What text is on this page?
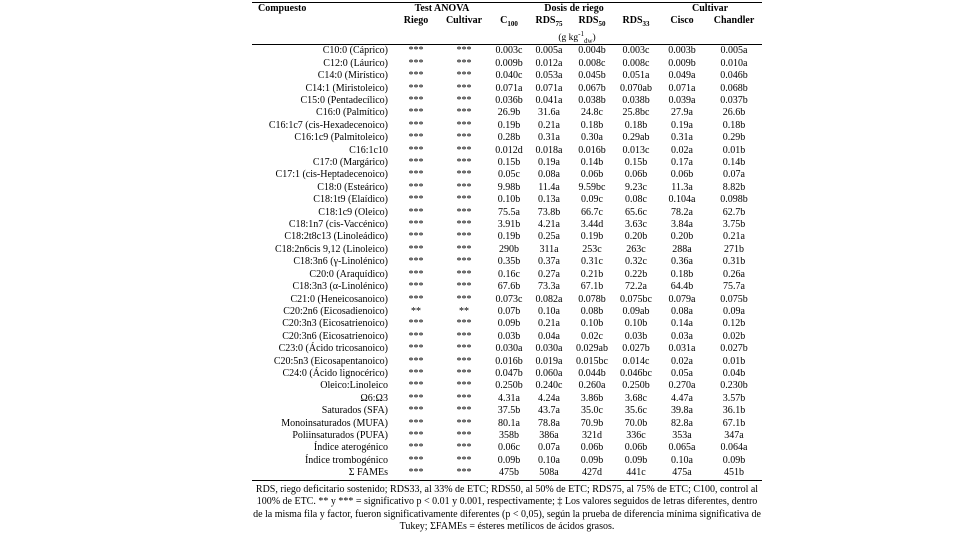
Compuesto	Test ANOVA		Dosis de riego				Cultivar	
	Riego	Cultivar	$C_{100}$	$RDS_{75}$	$RDS_{50}$	$RDS_{33}$	Cisco	Chandler
			(g $kg^{-1}_{dw}$)					
C10:0 (Cáprico)	***	***	0.003c	0.005a	0.004b	0.003c	0.003b	0.005a
C12:0 (Láurico)	***	***	0.009b	0.012a	0.008c	0.008c	0.009b	0.010a
C14:0 (Mirístico)	***	***	0.040c	0.053a	0.045b	0.051a	0.049a	0.046b
C14:1 (Miristoleico)	***	***	0.071a	0.071a	0.067b	0.070ab	0.071a	0.068b
C15:0 (Pentadecílico)	***	***	0.036b	0.041a	0.038b	0.038b	0.039a	0.037b
C16:0 (Palmítico)	***	***	26.9b	31.6a	24.8c	25.8bc	27.9a	26.6b
C16:1c7 (cis-Hexadecenoico)	***	***	0.19b	0.21a	0.18b	0.18b	0.19a	0.18b
C16:1c9 (Palmitoleico)	***	***	0.28b	0.31a	0.30a	0.29ab	0.31a	0.29b
C16:1c10	***	***	0.012d	0.018a	0.016b	0.013c	0.02a	0.01b
C17:0 (Margárico)	***	***	0.15b	0.19a	0.14b	0.15b	0.17a	0.14b
C17:1 (cis-Heptadecenoico)	***	***	0.05c	0.08a	0.06b	0.06b	0.06b	0.07a
C18:0 (Esteárico)	***	***	9.98b	11.4a	9.59bc	9.23c	11.3a	8.82b
C18:1t9 (Elaídico)	***	***	0.10b	0.13a	0.09c	0.08c	0.104a	0.098b
C18:1c9 (Oleico)	***	***	75.5a	73.8b	66.7c	65.6c	78.2a	62.7b
C18:1n7 (cis-Vaccénico)	***	***	3.91b	4.21a	3.44d	3.63c	3.84a	3.75b
C18:2t8c13 (Linoleádico)	***	***	0.19b	0.25a	0.19b	0.20b	0.20b	0.21a
C18:2n6cis 9,12 (Linoleico)	***	***	290b	311a	253c	263c	288a	271b
C18:3n6 (γ-Linolénico)	***	***	0.35b	0.37a	0.31c	0.32c	0.36a	0.31b
C20:0 (Araquídico)	***	***	0.16c	0.27a	0.21b	0.22b	0.18b	0.26a
C18:3n3 (α-Linolénico)	***	***	67.6b	73.3a	67.1b	72.2a	64.4b	75.7a
C21:0 (Heneicosanoico)	***	***	0.073c	0.082a	0.078b	0.075bc	0.079a	0.075b
C20:2n6 (Eicosadienoico)	**	**	0.07b	0.10a	0.08b	0.09ab	0.08a	0.09a
C20:3n3 (Eicosatrienoico)	***	***	0.09b	0.21a	0.10b	0.10b	0.14a	0.12b
C20:3n6 (Eicosatrienoico)	***	***	0.03b	0.04a	0.02c	0.03b	0.03a	0.02b
C23:0 (Ácido tricosanoico)	***	***	0.030a	0.030a	0.029ab	0.027b	0.031a	0.027b
C20:5n3 (Eicosapentanoico)	***	***	0.016b	0.019a	0.015bc	0.014c	0.02a	0.01b
C24:0 (Ácido lignocérico)	***	***	0.047b	0.060a	0.044b	0.046bc	0.05a	0.04b
Oleico:Linoleico	***	***	0.250b	0.240c	0.260a	0.250b	0.270a	0.230b
Ω6:Ω3	***	***	4.31a	4.24a	3.86b	3.68c	4.47a	3.57b
Saturados (SFA)	***	***	37.5b	43.7a	35.0c	35.6c	39.8a	36.1b
Monoinsaturados (MUFA)	***	***	80.1a	78.8a	70.9b	70.0b	82.8a	67.1b
Poliinsaturados (PUFA)	***	***	358b	386a	321d	336c	353a	347a
Índice aterogénico	***	***	0.06c	0.07a	0.06b	0.06b	0.065a	0.064a
Índice trombogénico	***	***	0.09b	0.10a	0.09b	0.09b	0.10a	0.09b
Σ FAMEs	***	***	475b	508a	427d	441c	475a	451b
RDS, riego deficitario sostenido; RDS33, al 33% de ETC; RDS50, al 50% de ETC; RDS75, al 75% de ETC; C100, control al 100% de ETC. ** y *** = significativo p < 0.01 y 0.001, respectivamente; ‡ Los valores seguidos de letras diferentes, dentro de la misma fila y factor, fueron significativamente diferentes (p < 0,05), según la prueba de diferencia mínima significativa de Tukey; ΣFAMEs = ésteres metílicos de ácidos grasos.
